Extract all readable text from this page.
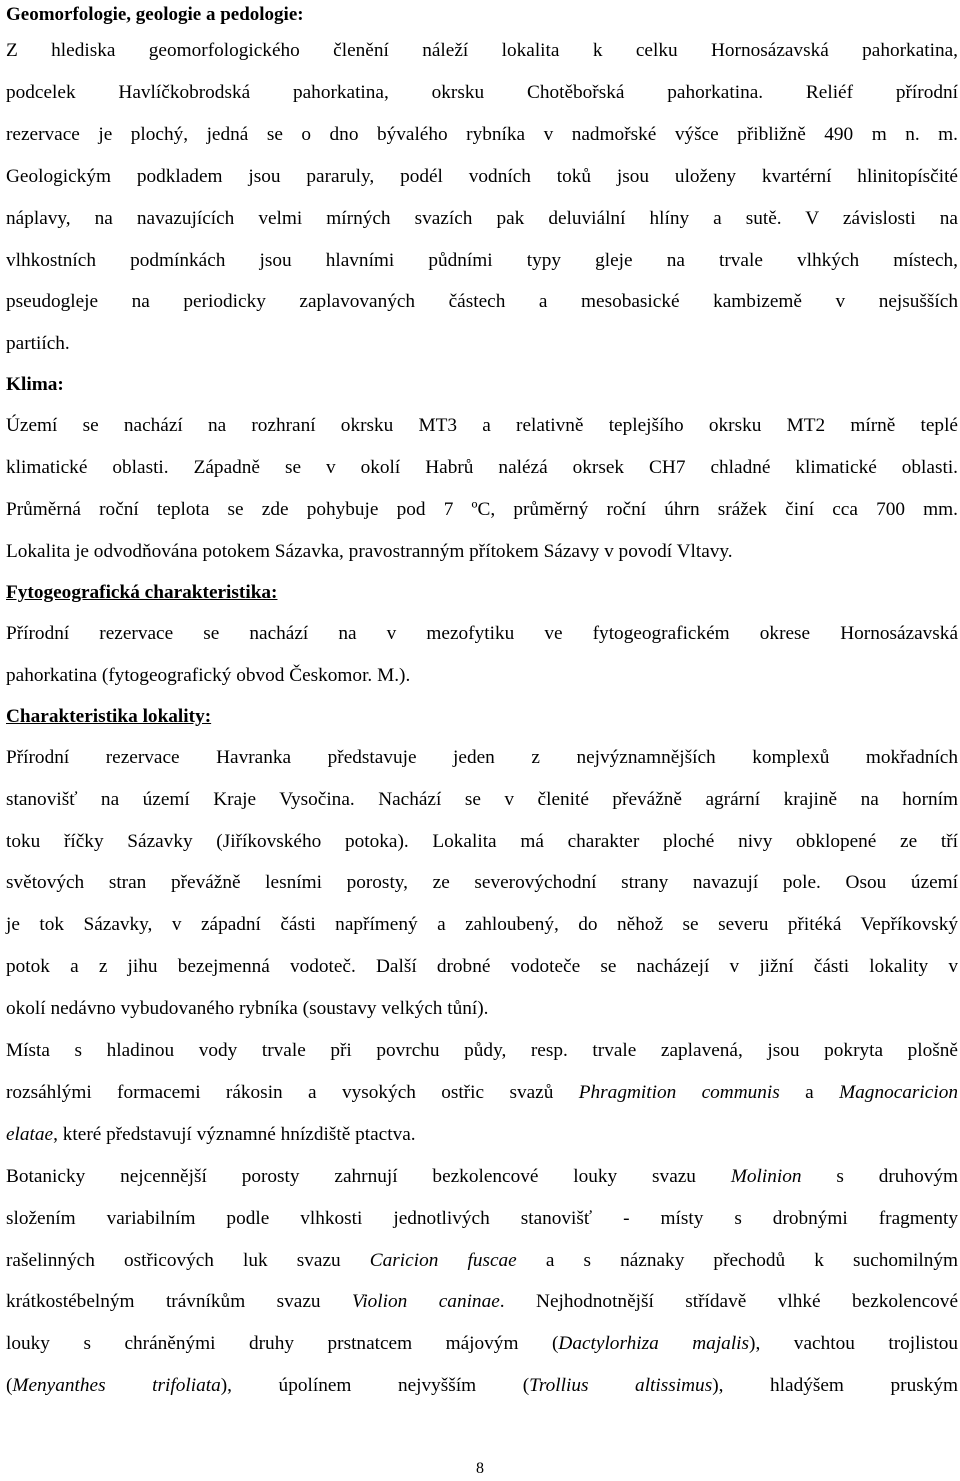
Geomorfologie, geologie a pedologie:

Z hlediska geomorfologického členění náleží lokalita k celku Hornosázavská pahorkatina,
podcelek Havlíčkobrodská pahorkatina, okrsku Chotěbořská pahorkatina. Reliéf přírodní
rezervace je plochý, jedná se o dno bývalého rybníka v nadmořské výšce přibližně 490 m n. m.
Geologickým podkladem jsou pararuly, podél vodních toků jsou uloženy kvartérní hlinitopísčité
náplavy, na navazujících velmi mírných svazích pak deluviální hlíny a sutě. V závislosti na
vlhkostních podmínkách jsou hlavními půdními typy gleje na trvale vlhkých místech,
pseudogleje na periodicky zaplavovaných částech a mesobasické kambizemě v nejsušších
partiích.

Klima:

Území se nachází na rozhraní okrsku MT3 a relativně teplejšího okrsku MT2 mírně teplé
klimatické oblasti. Západně se v okolí Habrů nalézá okrsek CH7 chladné klimatické oblasti.
Průměrná roční teplota se zde pohybuje pod 7 ºC, průměrný roční úhrn srážek činí cca 700 mm.
Lokalita je odvodňována potokem Sázavka, pravostranným přítokem Sázavy v povodí Vltavy.

Fytogeografická charakteristika:

Přírodní rezervace se nachází na v mezofytiku ve fytogeografickém okrese Hornosázavská
pahorkatina (fytogeografický obvod Českomor. M.).

Charakteristika lokality:

Přírodní rezervace Havranka představuje jeden z nejvýznamnějších komplexů mokřadních
stanovišť na území Kraje Vysočina. Nachází se v členité převážně agrární krajině na horním
toku říčky Sázavky (Jiříkovského potoka). Lokalita má charakter ploché nivy obklopené ze tří
světových stran převážně lesními porosty, ze severovýchodní strany navazují pole. Osou území
je tok Sázavky, v západní části napřímený a zahloubený, do něhož se severu přitéká Vepříkovský
potok a z jihu bezejmenná vodoteč. Další drobné vodoteče se nacházejí v jižní části lokality v
okolí nedávno vybudovaného rybníka (soustavy velkých tůní).

Místa s hladinou vody trvale při povrchu půdy, resp. trvale zaplavená, jsou pokryta plošně
rozsáhlými formacemi rákosin a vysokých ostřic svazů Phragmition communis a Magnocaricion
elatae, které představují významné hnízdiště ptactva.

Botanicky nejcennější porosty zahrnují bezkolencové louky svazu Molinion s druhovým
složením variabilním podle vlhkosti jednotlivých stanovišť - místy s drobnými fragmenty
rašelinných ostřicových luk svazu Caricion fuscae a s náznaky přechodů k suchomilným
krátkostébelným trávníkům svazu Violion caninae. Nejhodnotnější střídavě vlhké bezkolencové
louky s chráněnými druhy prstnatcem májovým (Dactylorhiza majalis), vachtou trojlistou
(Menyanthes trifoliata), úpolínem nejvyšším (Trollius altissimus), hladýšem pruským

8
